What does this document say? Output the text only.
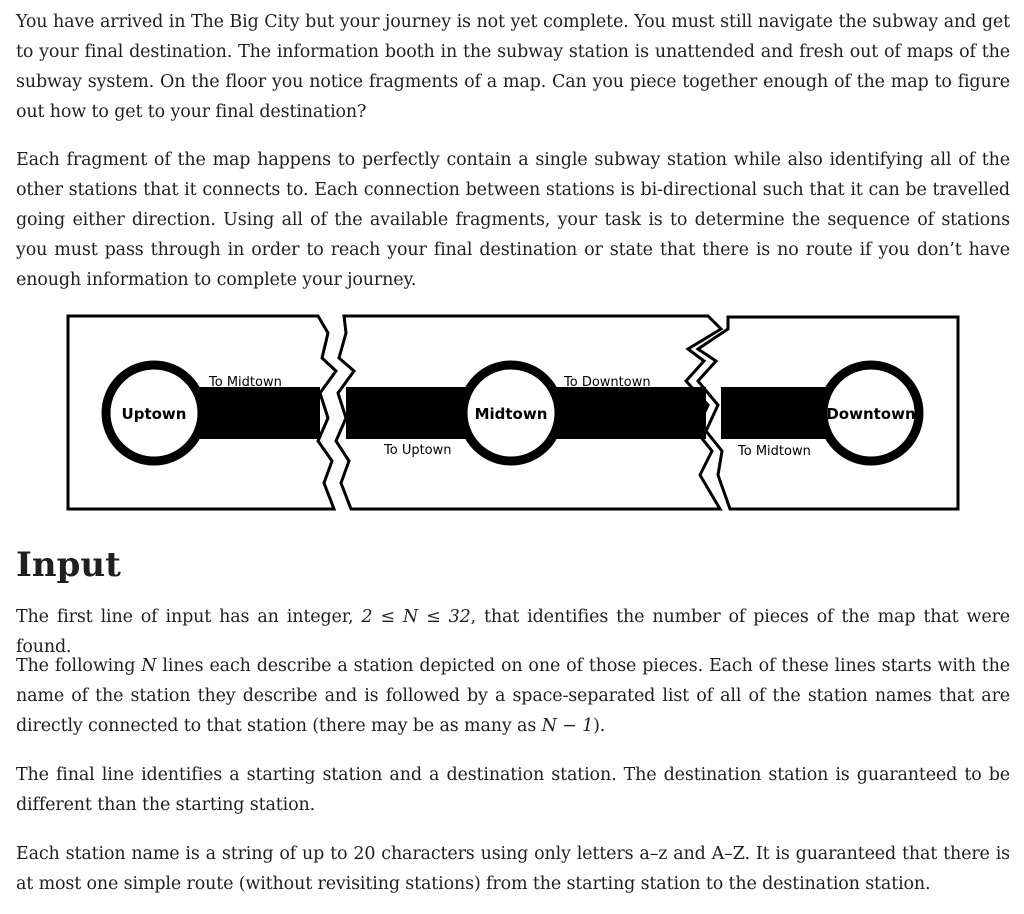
You have arrived in The Big City but your journey is not yet complete. You must still navigate the subway and get to your final destination. The information booth in the subway station is unattended and fresh out of maps of the subway system. On the floor you notice fragments of a map. Can you piece together enough of the map to figure out how to get to your final destination?

Each fragment of the map happens to perfectly contain a single subway station while also identifying all of the other stations that it connects to. Each connection between stations is bi-directional such that it can be travelled going either direction. Using all of the available fragments, your task is to determine the sequence of stations you must pass through in order to reach your final destination or state that there is no route if you don’t have enough information to complete your journey.

Input

The first line of input has an integer, 2 ≤ N ≤ 32, that identifies the number of pieces of the map that were found.

The following N lines each describe a station depicted on one of those pieces. Each of these lines starts with the name of the station they describe and is followed by a space-separated list of all of the station names that are directly connected to that station (there may be as many as N − 1).

The final line identifies a starting station and a destination station. The destination station is guaranteed to be different than the starting station.

Each station name is a string of up to 20 characters using only letters a–z and A–Z. It is guaranteed that there is at most one simple route (without revisiting stations) from the starting station to the destination station.

Uptown	Midtown	Downtown
To Midtown
To Uptown
To Downtown
To Midtown
